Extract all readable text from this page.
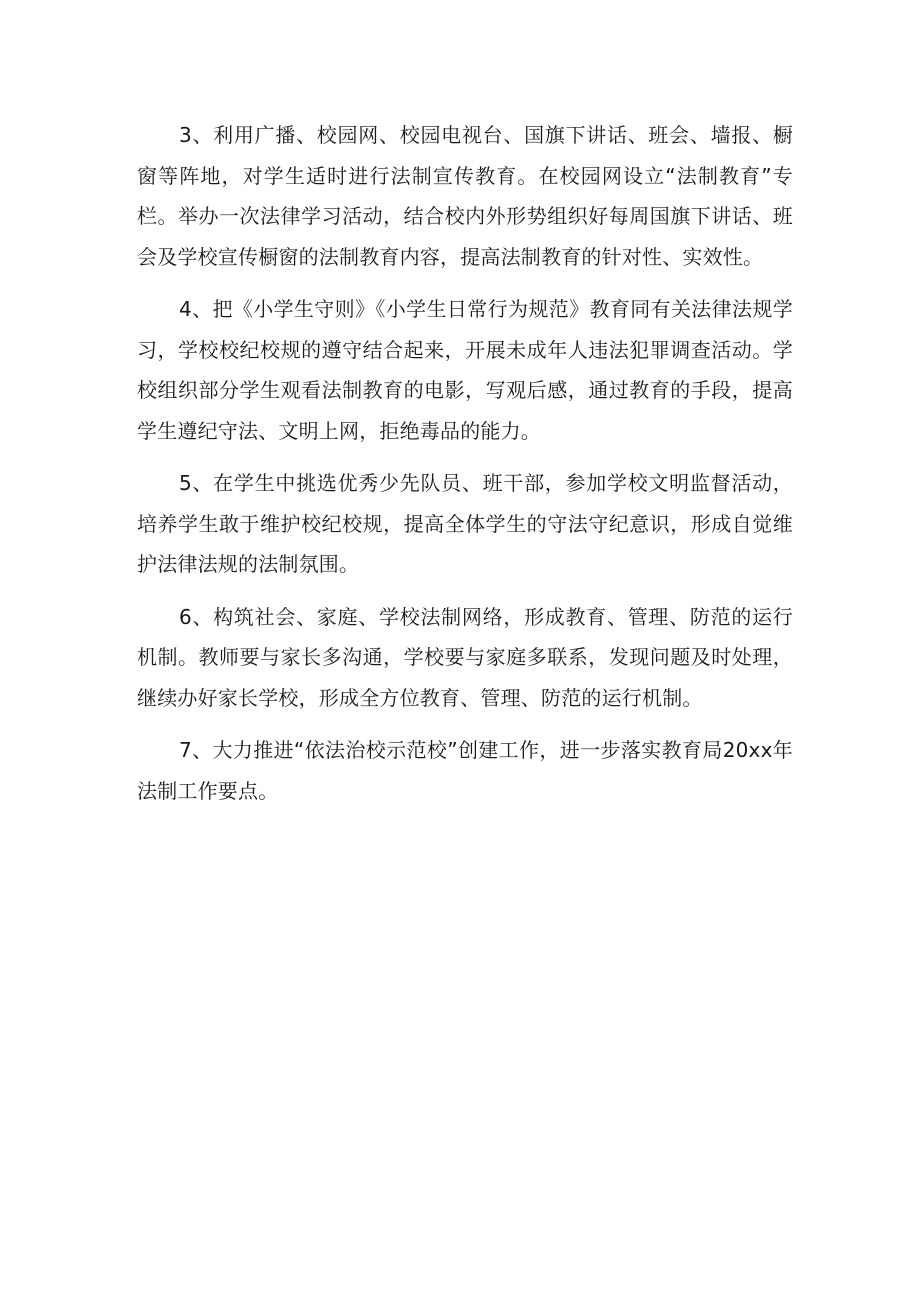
3、利用广播、校园网、校园电视台、国旗下讲话、班会、墙报、橱窗等阵地，对学生适时进行法制宣传教育。在校园网设立“法制教育”专栏。举办一次法律学习活动，结合校内外形势组织好每周国旗下讲话、班会及学校宣传橱窗的法制教育内容，提高法制教育的针对性、实效性。

4、把《小学生守则》《小学生日常行为规范》教育同有关法律法规学习，学校校纪校规的遵守结合起来，开展未成年人违法犯罪调查活动。学校组织部分学生观看法制教育的电影，写观后感，通过教育的手段，提高学生遵纪守法、文明上网，拒绝毒品的能力。

5、在学生中挑选优秀少先队员、班干部，参加学校文明监督活动，培养学生敢于维护校纪校规，提高全体学生的守法守纪意识，形成自觉维护法律法规的法制氛围。

6、构筑社会、家庭、学校法制网络，形成教育、管理、防范的运行机制。教师要与家长多沟通，学校要与家庭多联系，发现问题及时处理，继续办好家长学校，形成全方位教育、管理、防范的运行机制。

7、大力推进“依法治校示范校”创建工作，进一步落实教育局20xx年法制工作要点。
